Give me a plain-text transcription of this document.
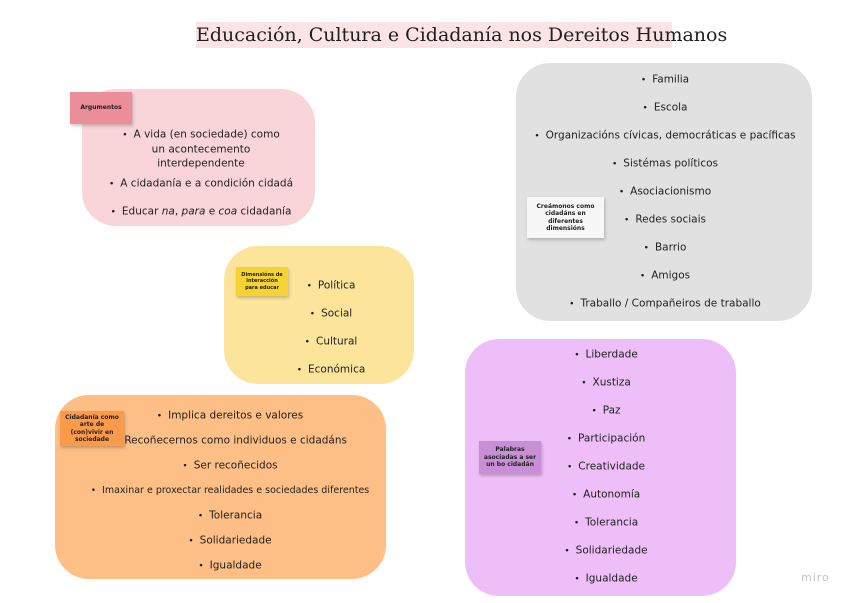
Educación, Cultura e Cidadanía nos Dereitos Humanos
• A vida (en sociedade) como un acontecemento interdependente
• A cidadanía e a condición cidadá
• Educar na, para e coa cidadanía
• Familia
• Escola
• Organizacións cívicas, democráticas e pacíficas
• Sistémas políticos
• Asociacionismo
• Redes sociais
• Barrio
• Amigos
• Traballo / Compañeiros de traballo
• Política
• Social
• Cultural
• Económica
• Implica dereitos e valores
Recoñecernos como individuos e cidadáns
• Ser recoñecidos
• Imaxinar e proxectar realidades e sociedades diferentes
• Tolerancia
• Solidariedade
• Igualdade
• Liberdade
• Xustiza
• Paz
• Participación
• Creatividade
• Autonomía
• Tolerancia
• Solidariedade
• Igualdade
Argumentos
Creámonos como cidadáns en diferentes dimensións
Dimensións de interacción para educar
Cidadanía como arte de (con)vivir en sociedade
Palabras asociadas a ser un bo cidadán
miro
